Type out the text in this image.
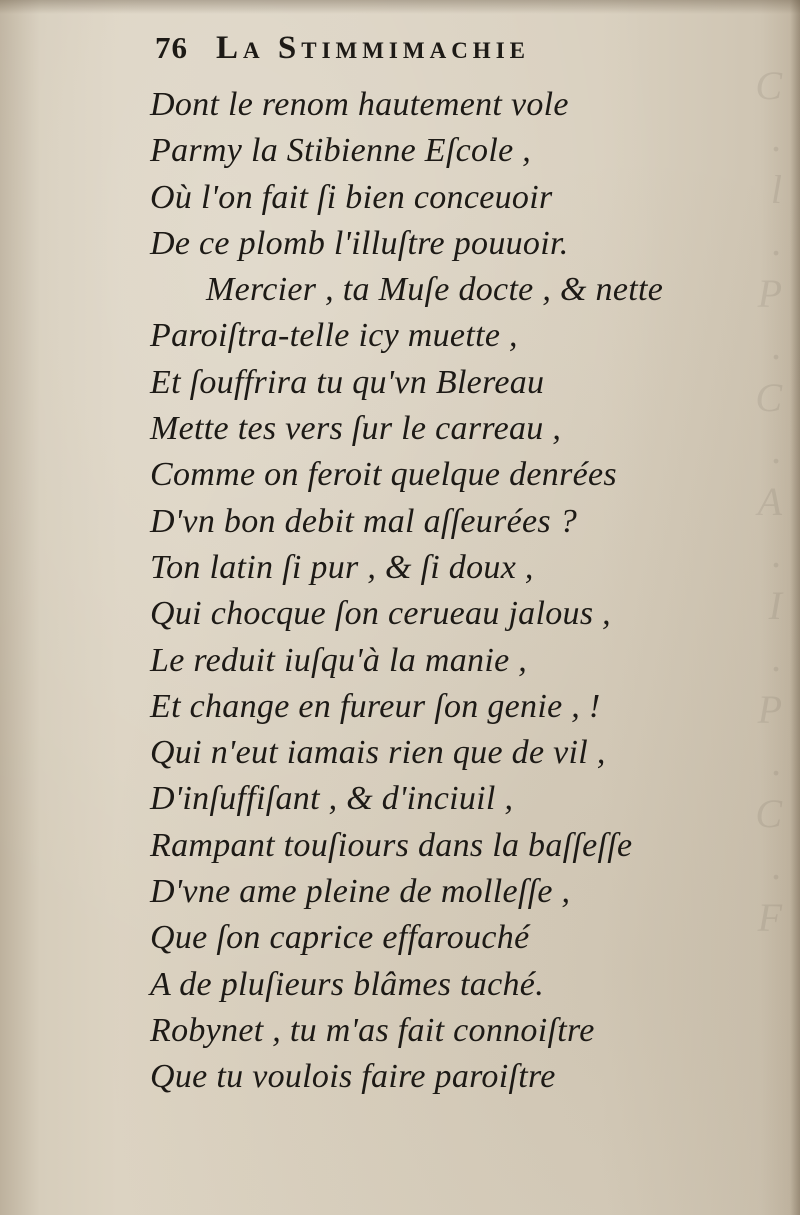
C
.
l
.
P
.
C
.
A
.
I
.
P
.
C
.
F
76 La Stimmimachie
Dont le renom hautement vole
Parmy la Stibienne Eſcole ,
Où l'on fait ſi bien conceuoir
De ce plomb l'illuſtre pouuoir.
Mercier , ta Muſe docte , & nette
Paroiſtra-telle icy muette ,
Et ſouffrira tu qu'vn Blereau
Mette tes vers ſur le carreau ,
Comme on feroit quelque denrées
D'vn bon debit mal aſſeurées ?
Ton latin ſi pur , & ſi doux ,
Qui chocque ſon cerueau jalous ,
Le reduit iuſqu'à la manie ,
Et change en fureur ſon genie , !
Qui n'eut iamais rien que de vil ,
D'inſuffiſant , & d'inciuil ,
Rampant touſiours dans la baſſeſſe
D'vne ame pleine de molleſſe ,
Que ſon caprice effarouché
A de pluſieurs blâmes taché.
Robynet , tu m'as fait connoiſtre
Que tu voulois faire paroiſtre
